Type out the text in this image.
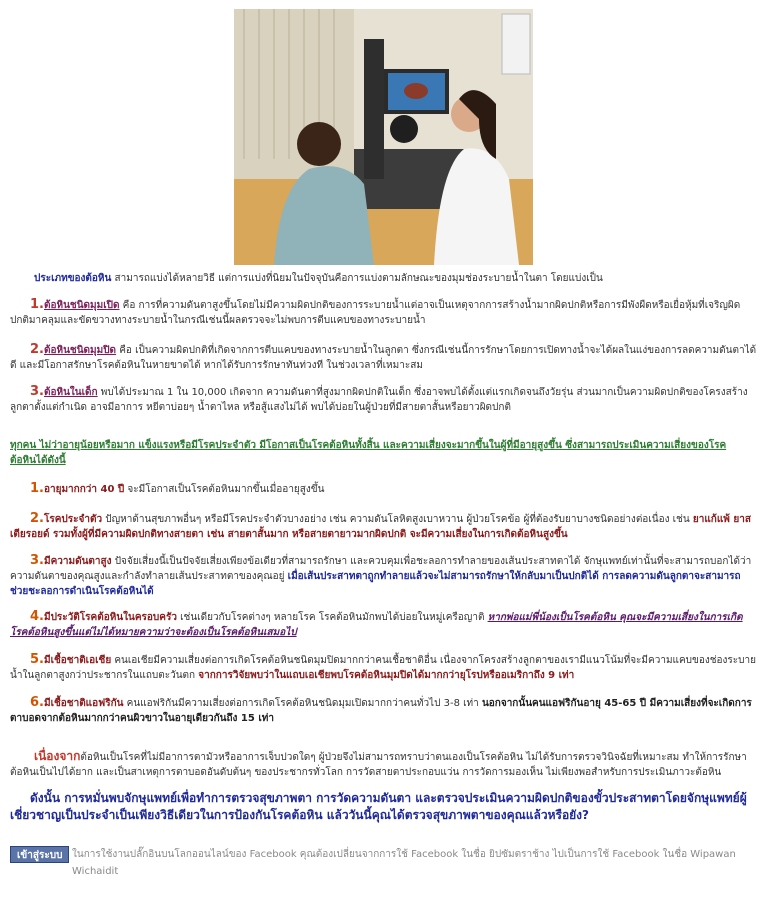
ประเภทของต้อหิน สามารถแบ่งได้หลายวิธี แต่การแบ่งที่นิยมในปัจจุบันคือการแบ่งตามลักษณะของมุมช่องระบายน้ำในตา โดยแบ่งเป็น

1.ต้อหินชนิดมุมเปิด คือ การที่ความดันตาสูงขึ้นโดยไม่มีความผิดปกติของการระบายน้ำแต่อาจเป็นเหตุจากการสร้างน้ำมากผิดปกติหรือการมีพังผืดหรือเยื่อหุ้มที่เจริญผิดปกติมาคลุมและขัดขวางทางระบายน้ำในกรณีเช่นนี้ผลตรวจจะไม่พบการตีบแคบของทางระบายน้ำ

2.ต้อหินชนิดมุมปิด คือ เป็นความผิดปกติที่เกิดจากการตีบแคบของทางระบายน้ำในลูกตา ซึ่งกรณีเช่นนี้การรักษาโดยการเปิดทางน้ำจะได้ผลในแง่ของการลดความดันตาได้ดี และมีโอกาสรักษาโรคต้อหินในหายขาดได้ หากได้รับการรักษาทันท่วงที ในช่วงเวลาที่เหมาะสม

3.ต้อหินในเด็ก พบได้ประมาณ 1 ใน 10,000 เกิดจาก ความดันตาที่สูงมากผิดปกติในเด็ก ซึ่งอาจพบได้ตั้งแต่แรกเกิดจนถึงวัยรุ่น ส่วนมากเป็นความผิดปกติของโครงสร้างลูกตาตั้งแต่กำเนิด อาจมีอาการ หยีตาบ่อยๆ น้ำตาไหล หรือสู้แสงไม่ได้ พบได้บ่อยในผู้ป่วยที่มีสายตาสั้นหรือยาวผิดปกติ

ทุกคน ไม่ว่าอายุน้อยหรือมาก แข็งแรงหรือมีโรคประจำตัว มีโอกาสเป็นโรคต้อหินทั้งสิ้น และความเสี่ยงจะมากขึ้นในผู้ที่มีอายุสูงขึ้น ซึ่งสามารถประเมินความเสี่ยงของโรคต้อหินได้ดังนี้

1.อายุมากกว่า 40 ปี จะมีโอกาสเป็นโรคต้อหินมากขึ้นเมื่ออายุสูงขึ้น

2.โรคประจำตัว ปัญหาด้านสุขภาพอื่นๆ หรือมีโรคประจำตัวบางอย่าง เช่น ความดันโลหิตสูงเบาหวาน ผู้ป่วยโรคข้อ ผู้ที่ต้องรับยาบางชนิดอย่างต่อเนื่อง เช่น ยาแก้แพ้ ยาสเตียรอยด์ รวมทั้งผู้ที่มีความผิดปกติทางสายตา เช่น สายตาสั้นมาก หรือสายตายาวมากผิดปกติ จะมีความเสี่ยงในการเกิดต้อหินสูงขึ้น

3.มีความดันตาสูง ปัจจัยเสี่ยงนี้เป็นปัจจัยเสี่ยงเพียงข้อเดียวที่สามารถรักษา และควบคุมเพื่อชะลอการทำลายของเส้นประสาทตาได้ จักษุแพทย์เท่านั้นที่จะสามารถบอกได้ว่าความดันตาของคุณสูงและกำลังทำลายเส้นประสาทตาของคุณอยู่ เมื่อเส้นประสาทตาถูกทำลายแล้วจะไม่สามารถรักษาให้กลับมาเป็นปกติได้ การลดความดันลูกตาจะสามารถช่วยชะลอการดำเนินโรคต้อหินได้

4.มีประวัติโรคต้อหินในครอบครัว เช่นเดียวกับโรคต่างๆ หลายโรค โรคต้อหินมักพบได้บ่อยในหมู่เครือญาติ หากพ่อแม่พี่น้องเป็นโรคต้อหิน คุณจะมีความเสี่ยงในการเกิดโรคต้อหินสูงขึ้นแต่ไม่ได้หมายความว่าจะต้องเป็นโรคต้อหินเสมอไป

5.มีเชื้อชาติเอเชีย คนเอเชียมีความเสี่ยงต่อการเกิดโรคต้อหินชนิดมุมปิดมากกว่าคนเชื้อชาติอื่น เนื่องจากโครงสร้างลูกตาของเรามีแนวโน้มที่จะมีความแคบของช่องระบายน้ำในลูกตาสูงกว่าประชากรในแถบตะวันตก จากการวิจัยพบว่าในแถบเอเชียพบโรคต้อหินมุมปิดได้มากกว่ายุโรปหรืออเมริกาถึง 9 เท่า

6.มีเชื้อชาติแอฟริกัน คนแอฟริกันมีความเสี่ยงต่อการเกิดโรคต้อหินชนิดมุมเปิดมากกว่าคนทั่วไป 3-8 เท่า นอกจากนั้นคนแอฟริกันอายุ 45-65 ปี มีความเสี่ยงที่จะเกิดการตาบอดจากต้อหินมากกว่าคนผิวขาวในอายุเดียวกันถึง 15 เท่า

เนื่องจากต้อหินเป็นโรคที่ไม่มีอาการตามัวหรืออาการเจ็บปวดใดๆ ผู้ป่วยจึงไม่สามารถทราบว่าตนเองเป็นโรคต้อหิน ไม่ได้รับการตรวจวินิจฉัยที่เหมาะสม ทำให้การรักษาต้อหินเป็นไปได้ยาก และเป็นสาเหตุการตาบอดอันดับต้นๆ ของประชากรทั่วโลก การวัดสายตาประกอบแว่น การวัดการมองเห็น ไม่เพียงพอสำหรับการประเมินภาวะต้อหิน

ดังนั้น การหมั่นพบจักษุแพทย์เพื่อทำการตรวจสุขภาพตา การวัดความดันตา และตรวจประเมินความผิดปกติของขั้วประสาทตาโดยจักษุแพทย์ผู้เชี่ยวชาญเป็นประจำเป็นเพียงวิธีเดียวในการป้องกันโรคต้อหิน แล้ววันนี้คุณได้ตรวจสุขภาพตาของคุณแล้วหรือยัง?

เข้าสู่ระบบ ในการใช้งานปลั๊กอินบนโลกออนไลน์ของ Facebook คุณต้องเปลี่ยนจากการใช้ Facebook ในชื่อ ยิปซัมตราช้าง ไปเป็นการใช้ Facebook ในชื่อ Wipawan Wichaidit
